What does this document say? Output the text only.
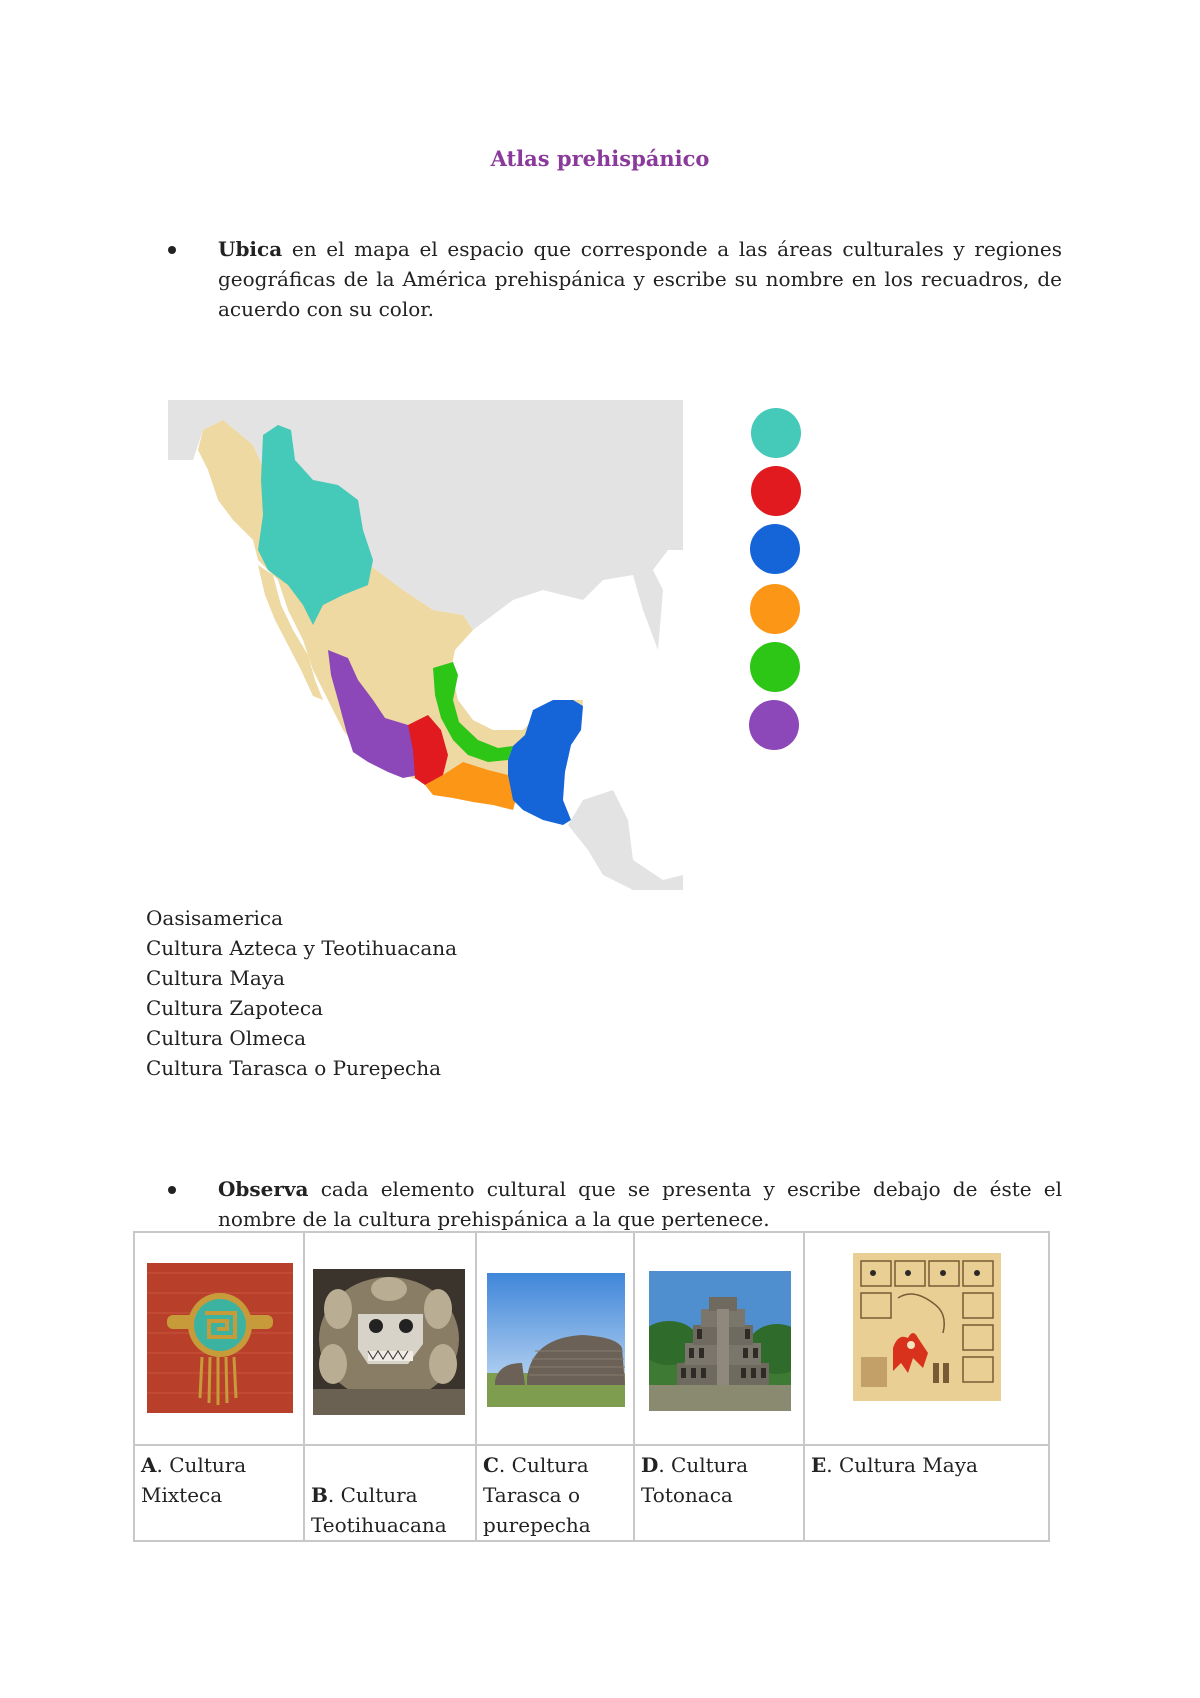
Atlas prehispánico
Ubica en el mapa el espacio que corresponde a las áreas culturales y regiones geográficas de la América prehispánica y escribe su nombre en los recuadros, de acuerdo con su color.
Oasisamerica
Cultura Azteca y Teotihuacana
Cultura Maya
Cultura Zapoteca
Cultura Olmeca
Cultura Tarasca o Purepecha
Observa cada elemento cultural que se presenta y escribe debajo de éste el nombre de la cultura prehispánica a la que pertenece.

A. Cultura Mixteca	B. Cultura Teotihuacana	C. Cultura Tarasca o purepecha	D. Cultura Totonaca	E. Cultura Maya
